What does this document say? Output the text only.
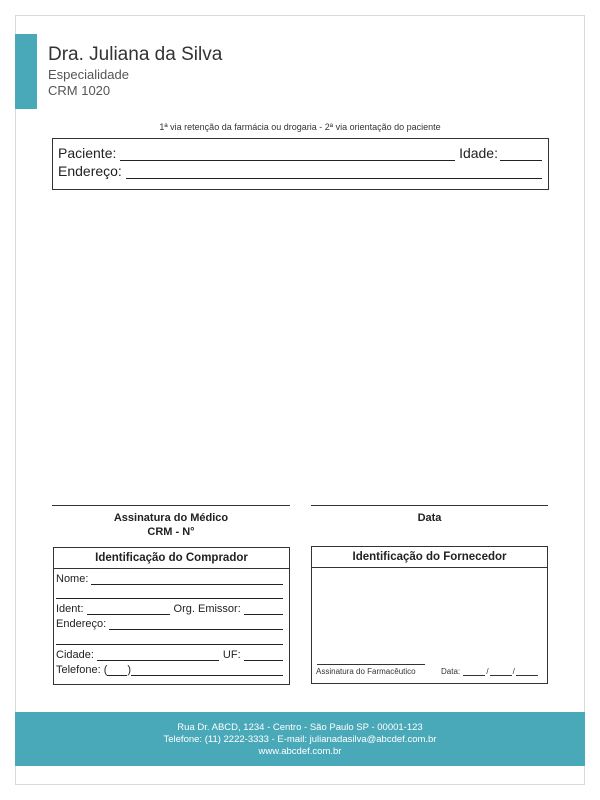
Dra. Juliana da Silva
Especialidade
CRM 1020
1ª via retenção da farmácia ou drogaria - 2ª via orientação do paciente
Paciente:	Idade:
Endereço:
Assinatura do Médico
CRM - N°
Data
Identificação do Comprador
Nome:
Ident:	Org. Emissor:
Endereço:
Cidade:	UF:
Telefone: ( )
Identificação do Fornecedor
Assinatura do Farmacêutico	Data:
	/	/
Rua Dr. ABCD, 1234 - Centro - São Paulo SP - 00001-123
Telefone: (11) 2222-3333 - E-mail: julianadasilva@abcdef.com.br
www.abcdef.com.br
